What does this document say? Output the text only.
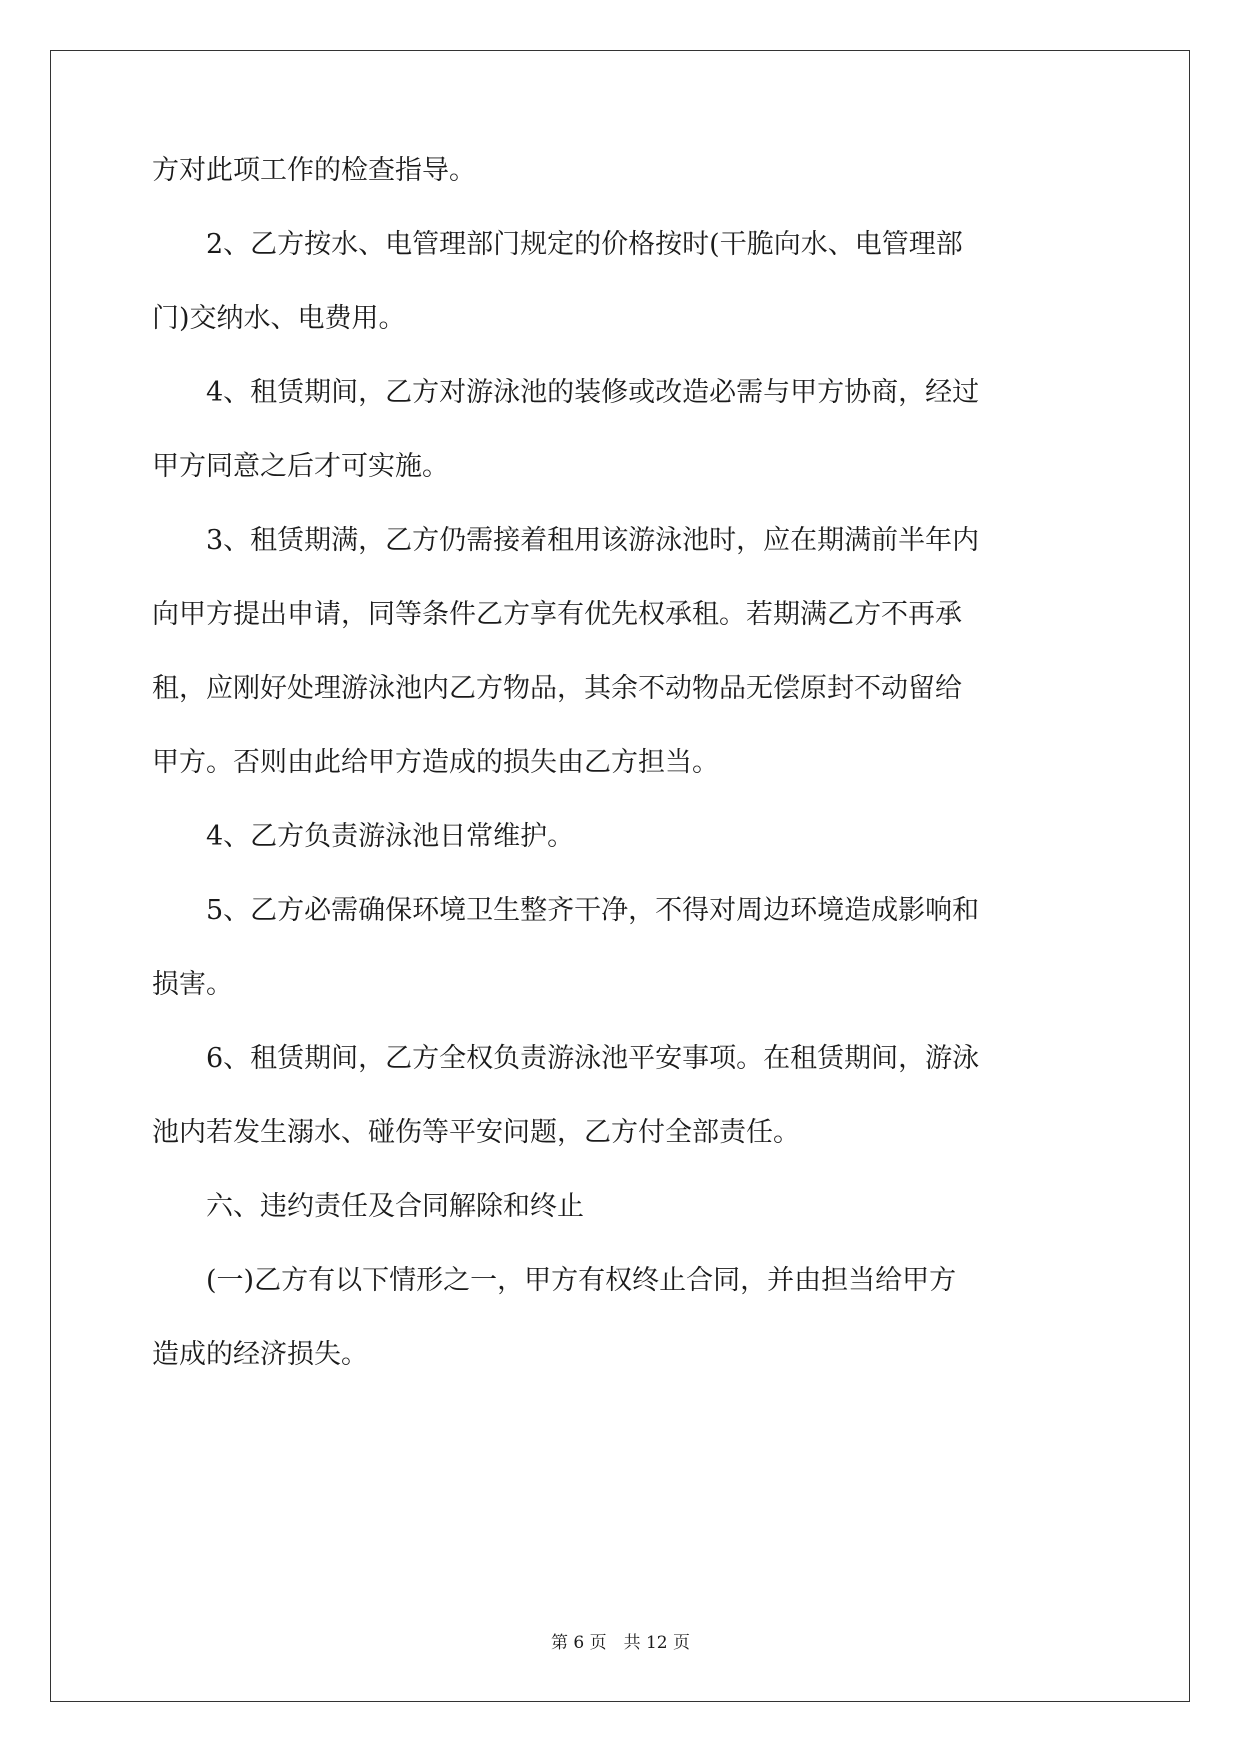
方对此项工作的检查指导。
　　2、乙方按水、电管理部门规定的价格按时(干脆向水、电管理部
门)交纳水、电费用。
　　4、租赁期间，乙方对游泳池的装修或改造必需与甲方协商，经过
甲方同意之后才可实施。
　　3、租赁期满，乙方仍需接着租用该游泳池时，应在期满前半年内
向甲方提出申请，同等条件乙方享有优先权承租。若期满乙方不再承
租，应刚好处理游泳池内乙方物品，其余不动物品无偿原封不动留给
甲方。否则由此给甲方造成的损失由乙方担当。
　　4、乙方负责游泳池日常维护。
　　5、乙方必需确保环境卫生整齐干净，不得对周边环境造成影响和
损害。
　　6、租赁期间，乙方全权负责游泳池平安事项。在租赁期间，游泳
池内若发生溺水、碰伤等平安问题，乙方付全部责任。
　　六、违约责任及合同解除和终止
　　(一)乙方有以下情形之一，甲方有权终止合同，并由担当给甲方
造成的经济损失。
第 6 页　共 12 页
